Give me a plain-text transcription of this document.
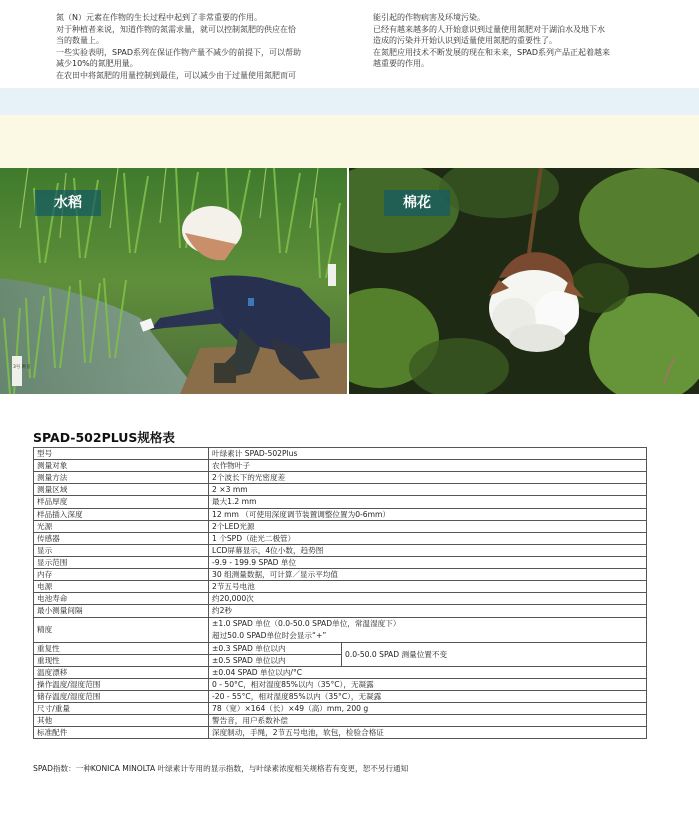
氮（N）元素在作物的生长过程中起到了非常重要的作用。

对于种植者来说，知道作物的氮需求量，就可以控制氮肥的供应在恰

当的数量上。

一些实验表明，SPAD系列在保证作物产量不减少的前提下，可以帮助

减少10%的氮肥用量。

在农田中将氮肥的用量控制到最佳，可以减少由于过量使用氮肥而可

能引起的作物病害及环境污染。

已经有越来越多的人开始意识到过量使用氮肥对于湖泊水及地下水

造成的污染并开始认识到适量使用氮肥的重要性了。

在氮肥应用技术不断发展的现在和未来，SPAD系列产品正起着越来

越重要的作用。

3号 种苗
水稻	棉花
SPAD-502PLUS规格表
型号	叶绿素计 SPAD-502Plus	
测量对象	农作物叶子	
测量方法	2个波长下的光密度差	
测量区域	2 ×3 mm	
样品厚度	最大1.2 mm	
样品插入深度	12 mm （可使用深度调节装置调整位置为0-6mm）	
光源	2个LED光源	
传感器	1 个SPD（硅光二极管）	
显示	LCD屏幕显示，4位小数，趋势图	
显示范围	-9.9 - 199.9 SPAD 单位	
内存	30 组测量数据，可计算／显示平均值	
电源	2节五号电池	
电池寿命	约20,000次	
最小测量间隔	约2秒	
精度	±1.0 SPAD 单位（0.0-50.0 SPAD单位，常温湿度下）
超过50.0 SPAD单位时会显示“+”	

重复性	±0.3 SPAD 单位以内	0.0-50.0 SPAD 测量位置不变
重现性	±0.5 SPAD 单位以内	
温度漂移	±0.04 SPAD 单位以内/°C	
操作温度/湿度范围	0 - 50°C，相对湿度85%以内（35°C），无凝露	
储存温度/湿度范围	-20 - 55°C，相对湿度85%以内（35°C），无凝露	
尺寸/重量	78（宽）×164（长）×49（高）mm, 200 g	
其他	警告音，用户系数补偿	
标准配件	深度制动，手绳，2节五号电池，软包，检验合格证	
SPAD指数：一种KONICA MINOLTA 叶绿素计专用的显示指数，与叶绿素浓度相关规格若有变更，恕不另行通知
